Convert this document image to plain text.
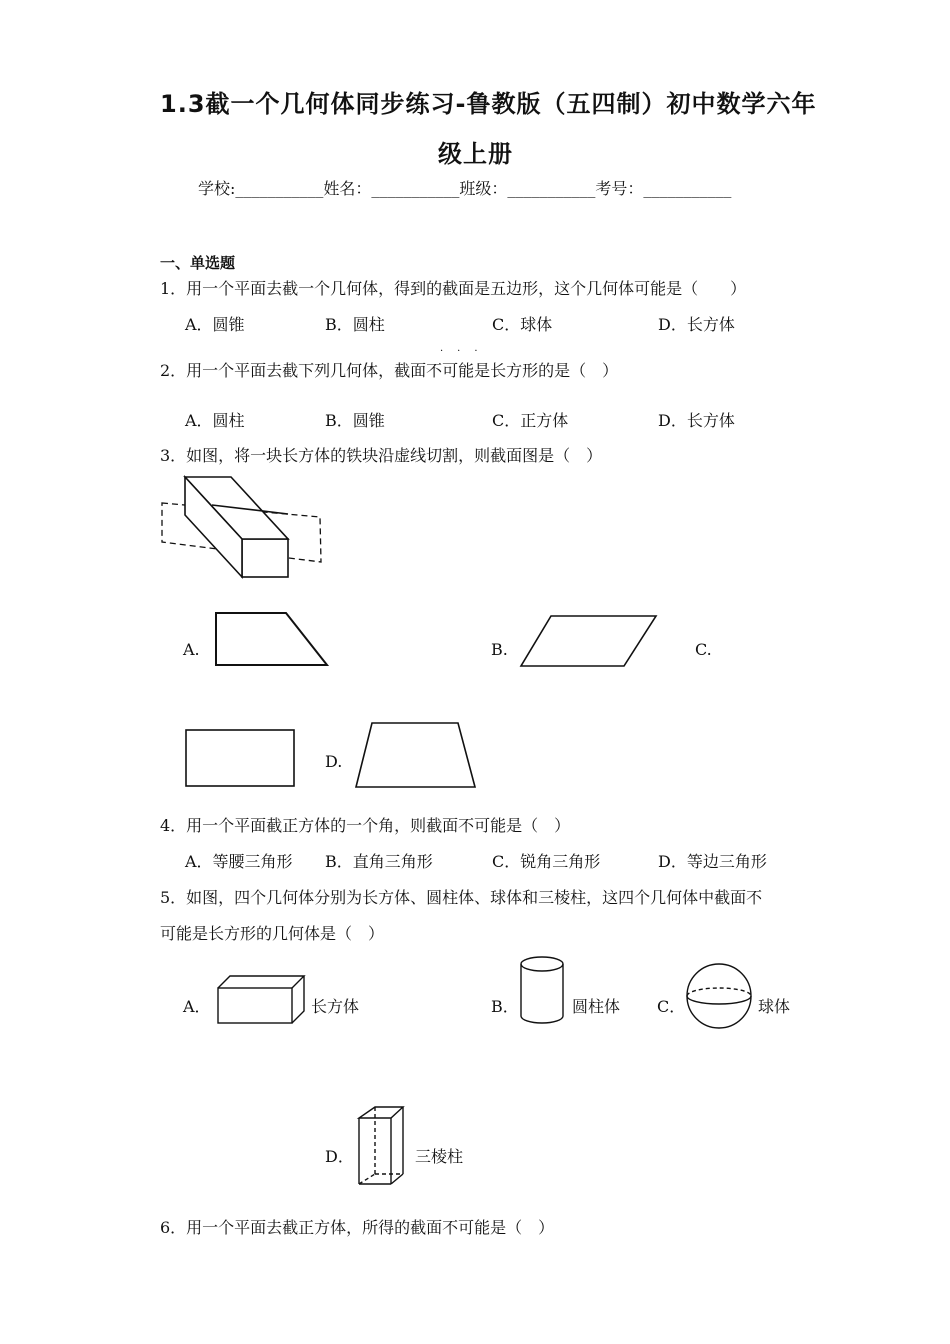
1.3截一个几何体同步练习-鲁教版（五四制）初中数学六年
级上册
学校:___________姓名：___________班级：___________考号：___________
一、单选题
1．用一个平面去截一个几何体，得到的截面是五边形，这个几何体可能是（　　）
A．圆锥	B．圆柱	C．球体	D．长方体
···
2．用一个平面去截下列几何体，截面不可能是长方形的是（　）
A．圆柱	B．圆锥	C．正方体	D．长方体
3．如图，将一块长方体的铁块沿虚线切割，则截面图是（　）
A.	B.	C.
D.
4．用一个平面截正方体的一个角，则截面不可能是（　）
A．等腰三角形 B．直角三角形	C．锐角三角形	D．等边三角形
5．如图，四个几何体分别为长方体、圆柱体、球体和三棱柱，这四个几何体中截面不
可能是长方形的几何体是（　）
A．	长方体	B．	圆柱体 C．	球体
D．	三棱柱
6．用一个平面去截正方体，所得的截面不可能是（　）
